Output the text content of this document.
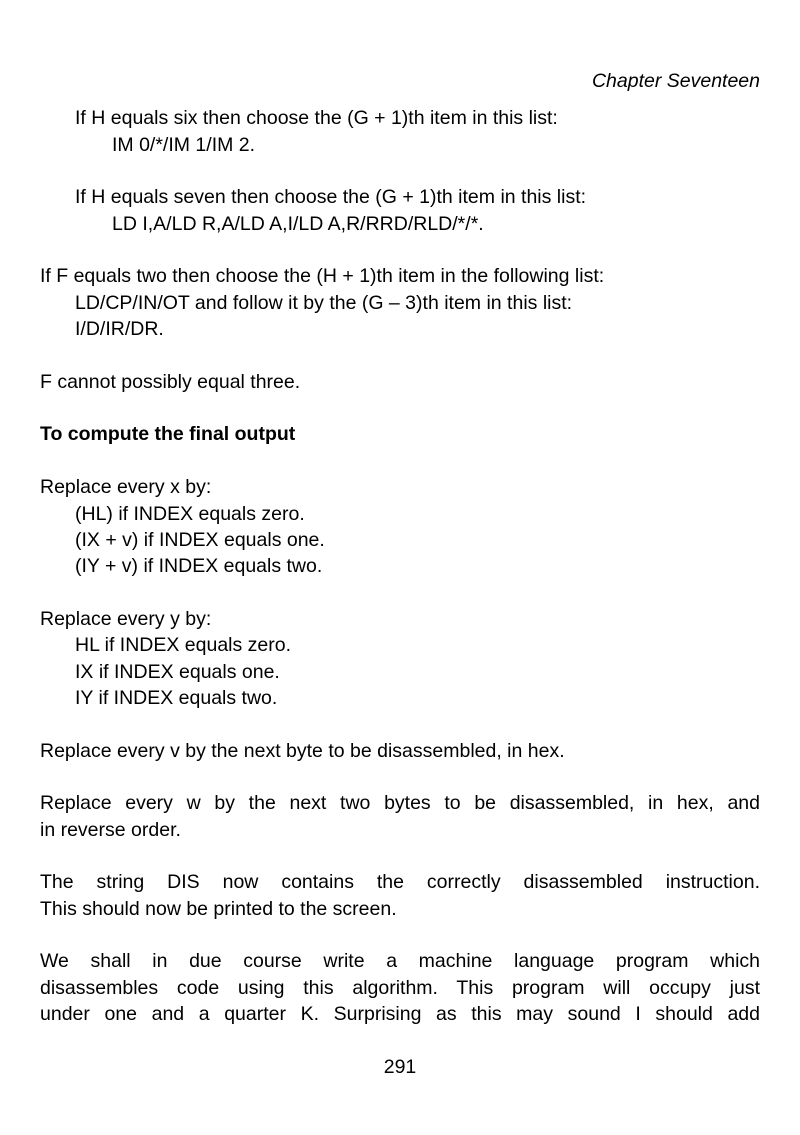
Chapter Seventeen
If H equals six then choose the (G + 1)th item in this list:
IM 0/*/IM 1/IM 2.
If H equals seven then choose the (G + 1)th item in this list:
LD I,A/LD R,A/LD A,I/LD A,R/RRD/RLD/*/*.
If F equals two then choose the (H + 1)th item in the following list:
LD/CP/IN/OT and follow it by the (G – 3)th item in this list:
I/D/IR/DR.
F cannot possibly equal three.
To compute the final output
Replace every x by:
(HL) if INDEX equals zero.
(IX + v) if INDEX equals one.
(IY + v) if INDEX equals two.
Replace every y by:
HL if INDEX equals zero.
IX if INDEX equals one.
IY if INDEX equals two.
Replace every v by the next byte to be disassembled, in hex.
Replace every w by the next two bytes to be disassembled, in hex, and
in reverse order.
The string DIS now contains the correctly disassembled instruction.
This should now be printed to the screen.
We shall in due course write a machine language program which
disassembles code using this algorithm. This program will occupy just
under one and a quarter K. Surprising as this may sound I should add
291
